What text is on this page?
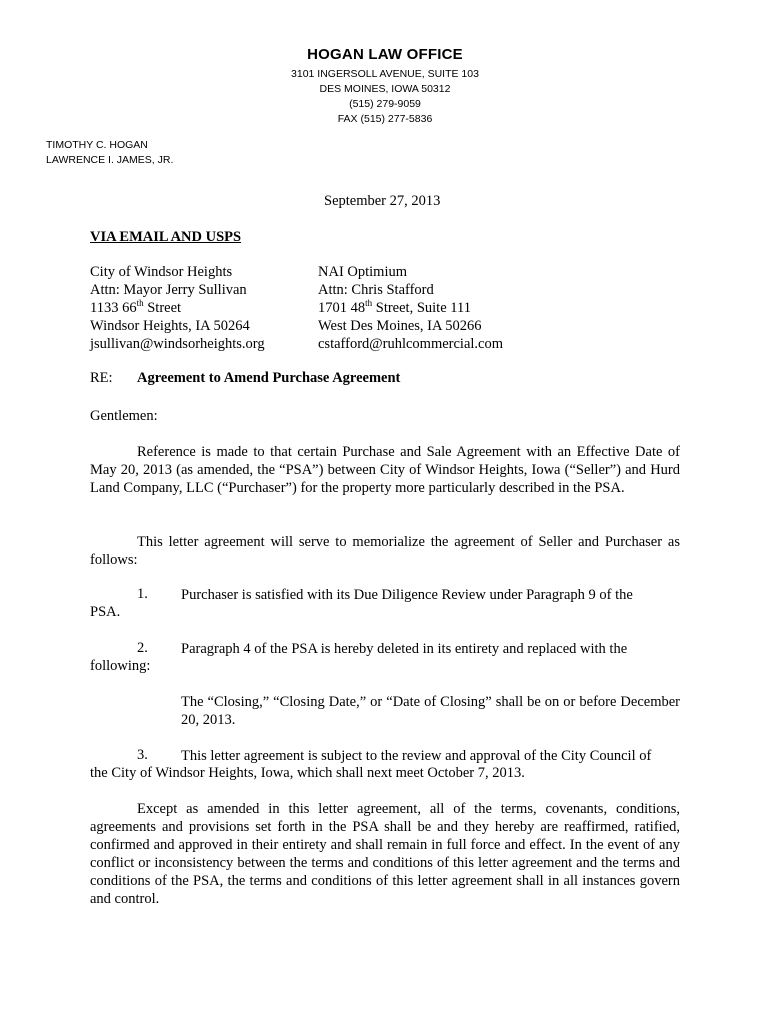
HOGAN LAW OFFICE
3101 INGERSOLL AVENUE, SUITE 103
DES MOINES, IOWA 50312
(515) 279-9059
FAX (515) 277-5836
TIMOTHY C. HOGAN
LAWRENCE I. JAMES, JR.
September 27, 2013
VIA EMAIL AND USPS
City of Windsor Heights
Attn: Mayor Jerry Sullivan
1133 66th Street
Windsor Heights, IA 50264
jsullivan@windsorheights.org
NAI Optimium
Attn: Chris Stafford
1701 48th Street, Suite 111
West Des Moines, IA 50266
cstafford@ruhlcommercial.com
RE: Agreement to Amend Purchase Agreement
Gentlemen:

Reference is made to that certain Purchase and Sale Agreement with an Effective Date of May 20, 2013 (as amended, the “PSA”) between City of Windsor Heights, Iowa (“Seller”) and Hurd Land Company, LLC (“Purchaser”) for the property more particularly described in the PSA.

This letter agreement will serve to memorialize the agreement of Seller and Purchaser as follows:

1. Purchaser is satisfied with its Due Diligence Review under Paragraph 9 of the

PSA.
2. Paragraph 4 of the PSA is hereby deleted in its entirety and replaced with the

following:

The “Closing,” “Closing Date,” or “Date of Closing” shall be on or before December 20, 2013.

3. This letter agreement is subject to the review and approval of the City Council of

the City of Windsor Heights, Iowa, which shall next meet October 7, 2013.

Except as amended in this letter agreement, all of the terms, covenants, conditions, agreements and provisions set forth in the PSA shall be and they hereby are reaffirmed, ratified, confirmed and approved in their entirety and shall remain in full force and effect. In the event of any conflict or inconsistency between the terms and conditions of this letter agreement and the terms and conditions of the PSA, the terms and conditions of this letter agreement shall in all instances govern and control.
